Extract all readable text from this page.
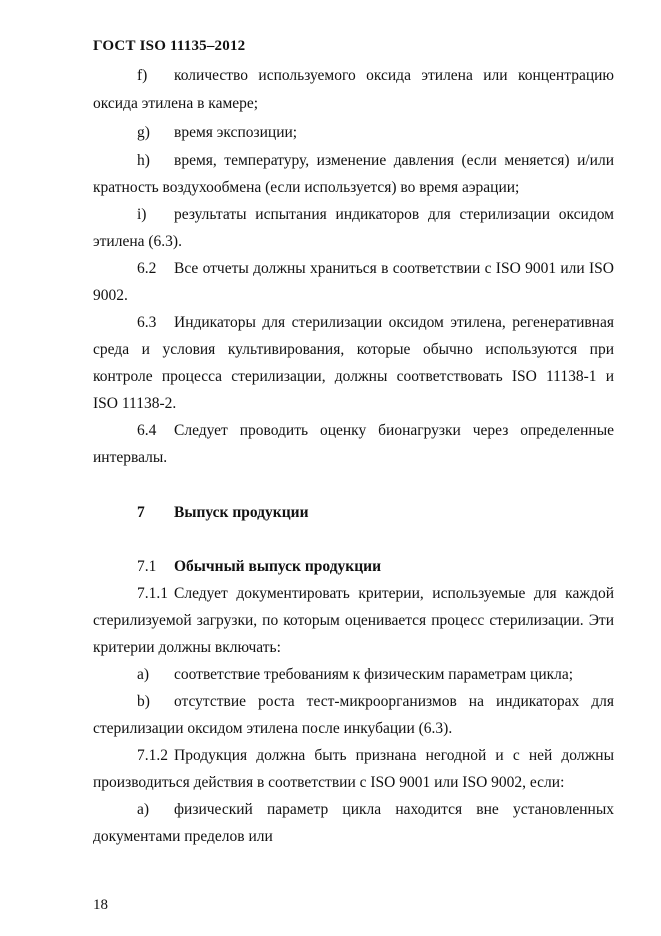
ГОСТ ISO 11135–2012
f) количество используемого оксида этилена или концентрацию
оксида этилена в камере;
g) время экспозиции;
h) время, температуру, изменение давления (если меняется) и/или
кратность воздухообмена (если используется) во время аэрации;
i) результаты испытания индикаторов для стерилизации оксидом
этилена (6.3).
6.2 Все отчеты должны храниться в соответствии с ISO 9001 или ISO
9002.
6.3 Индикаторы для стерилизации оксидом этилена, регенеративная
среда и условия культивирования, которые обычно используются при
контроле процесса стерилизации, должны соответствовать ISO 11138-1 и
ISO 11138-2.
6.4 Следует проводить оценку бионагрузки через определенные
интервалы.
7 Выпуск продукции
7.1 Обычный выпуск продукции
7.1.1 Следует документировать критерии, используемые для каждой
стерилизуемой загрузки, по которым оценивается процесс стерилизации. Эти
критерии должны включать:
a) соответствие требованиям к физическим параметрам цикла;
b) отсутствие роста тест-микроорганизмов на индикаторах для
стерилизации оксидом этилена после инкубации (6.3).
7.1.2 Продукция должна быть признана негодной и с ней должны
производиться действия в соответствии с ISO 9001 или ISO 9002, если:
a) физический параметр цикла находится вне установленных
документами пределов или
18
